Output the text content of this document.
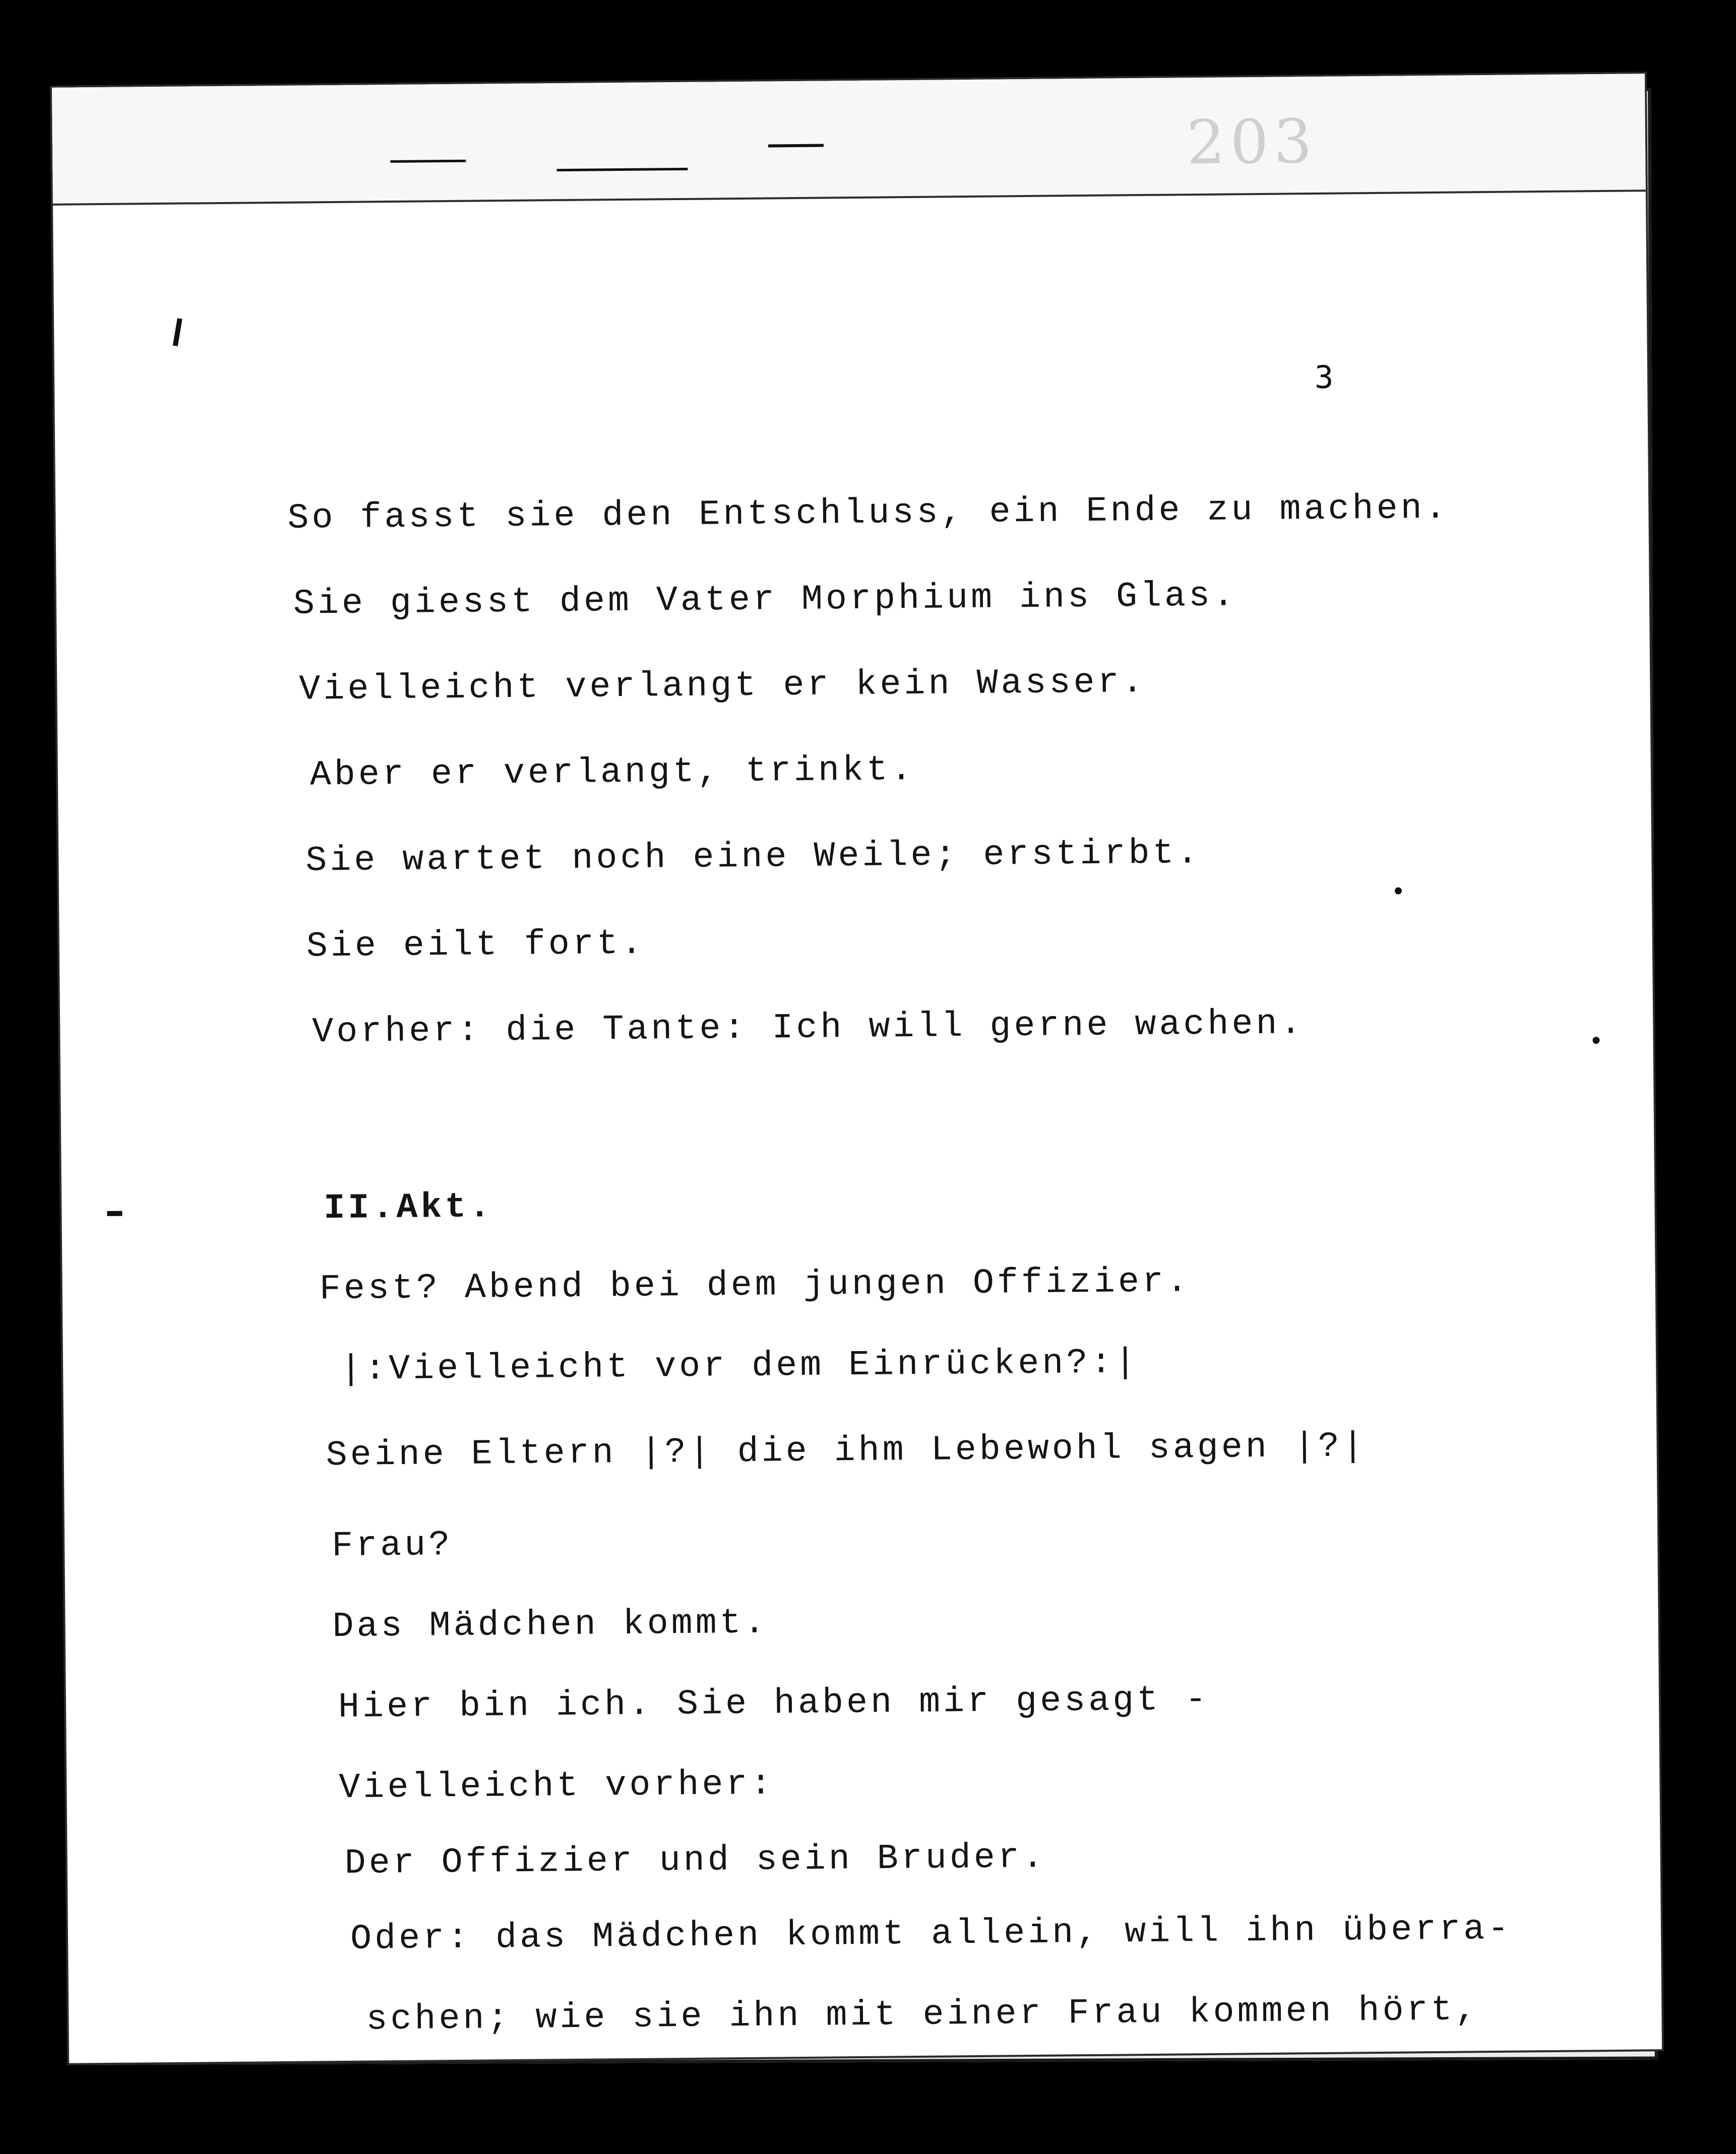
203
3
So fasst sie den Entschluss, ein Ende zu machen.
Sie giesst dem Vater Morphium ins Glas.
Vielleicht verlangt er kein Wasser.
Aber er verlangt, trinkt.
Sie wartet noch eine Weile; erstirbt.
Sie eilt fort.
Vorher: die Tante: Ich will gerne wachen.
II.Akt.
Fest? Abend bei dem jungen Offizier.
|:Vielleicht vor dem Einrücken?:|
Seine Eltern |?| die ihm Lebewohl sagen |?|
Frau?
Das Mädchen kommt.
Hier bin ich. Sie haben mir gesagt -
Vielleicht vorher:
Der Offizier und sein Bruder.
Oder: das Mädchen kommt allein, will ihn überra-
schen; wie sie ihn mit einer Frau kommen hört,
